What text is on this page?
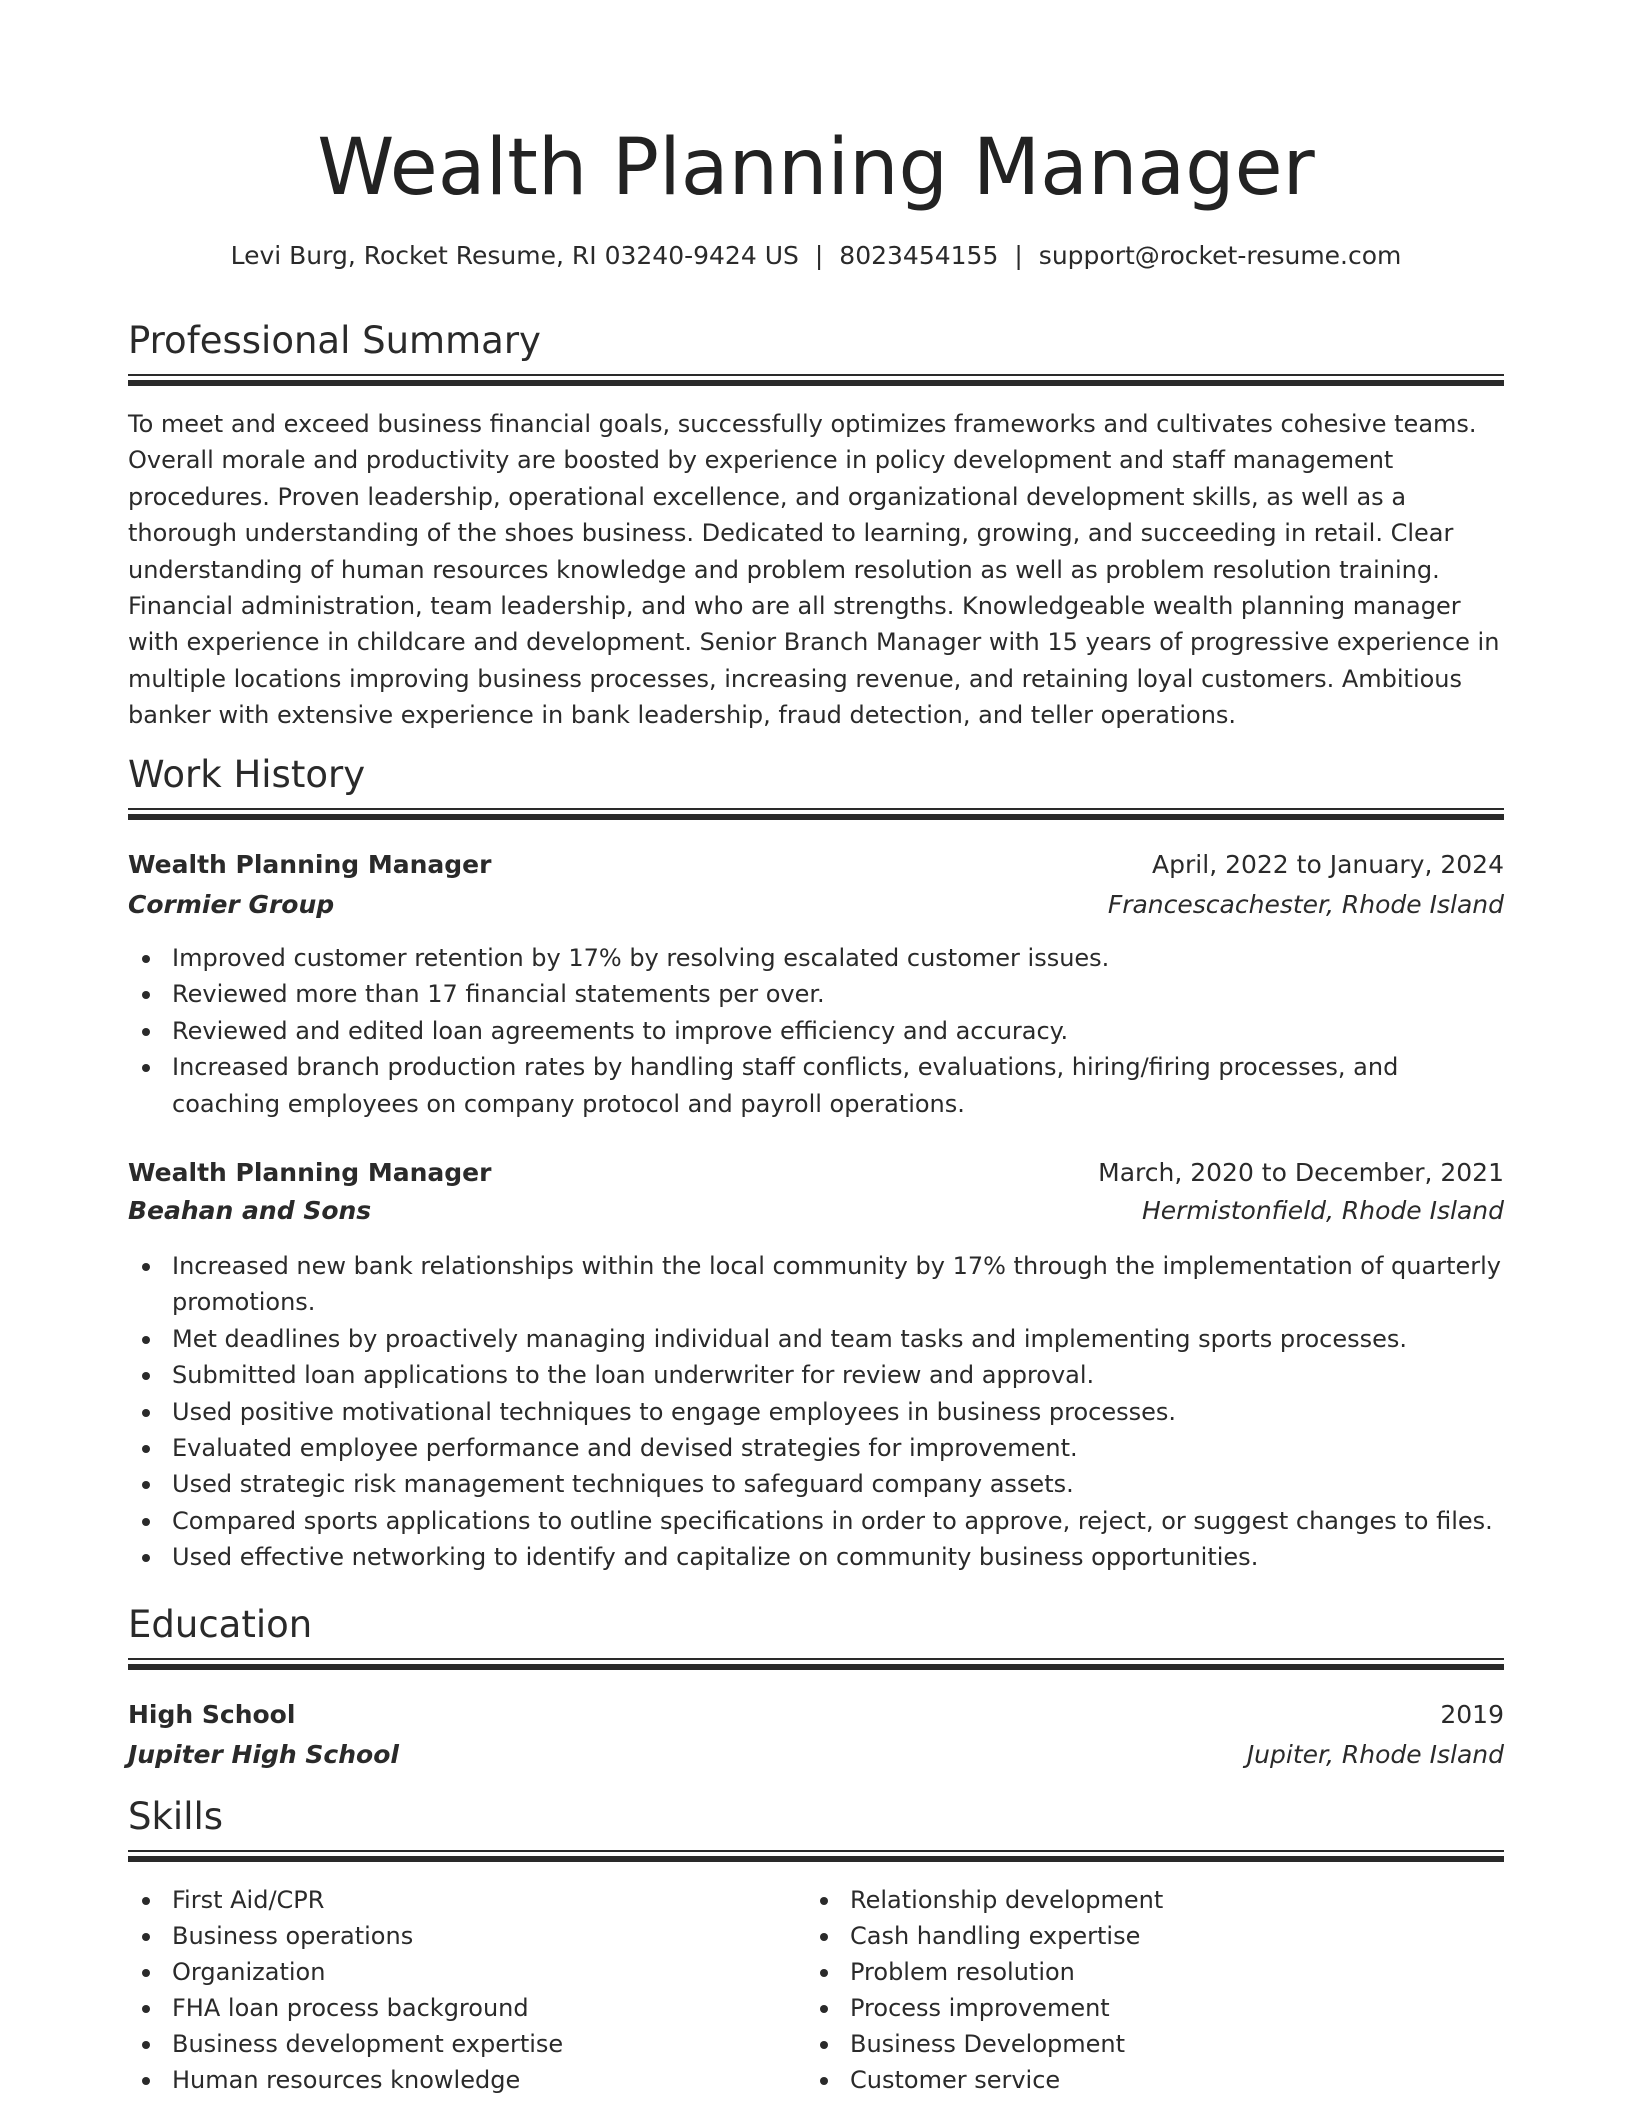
Wealth Planning Manager
Levi Burg, Rocket Resume, RI 03240-9424 US | 8023454155 | support@rocket-resume.com
Professional Summary

To meet and exceed business financial goals, successfully optimizes frameworks and cultivates cohesive teams. Overall morale and productivity are boosted by experience in policy development and staff management procedures. Proven leadership, operational excellence, and organizational development skills, as well as a thorough understanding of the shoes business. Dedicated to learning, growing, and succeeding in retail. Clear understanding of human resources knowledge and problem resolution as well as problem resolution training. Financial administration, team leadership, and who are all strengths. Knowledgeable wealth planning manager with experience in childcare and development. Senior Branch Manager with 15 years of progressive experience in multiple locations improving business processes, increasing revenue, and retaining loyal customers. Ambitious banker with extensive experience in bank leadership, fraud detection, and teller operations.

Work History
Wealth Planning Manager	April, 2022 to January, 2024
Cormier Group	Francescachester, Rhode Island
Improved customer retention by 17% by resolving escalated customer issues.
Reviewed more than 17 financial statements per over.
Reviewed and edited loan agreements to improve efficiency and accuracy.
Increased branch production rates by handling staff conflicts, evaluations, hiring/firing processes, and coaching employees on company protocol and payroll operations.
Wealth Planning Manager	March, 2020 to December, 2021
Beahan and Sons	Hermistonfield, Rhode Island
Increased new bank relationships within the local community by 17% through the implementation of quarterly promotions.
Met deadlines by proactively managing individual and team tasks and implementing sports processes.
Submitted loan applications to the loan underwriter for review and approval.
Used positive motivational techniques to engage employees in business processes.
Evaluated employee performance and devised strategies for improvement.
Used strategic risk management techniques to safeguard company assets.
Compared sports applications to outline specifications in order to approve, reject, or suggest changes to files.
Used effective networking to identify and capitalize on community business opportunities.
Education
High School	2019
Jupiter High School	Jupiter, Rhode Island
Skills
First Aid/CPR
Business operations
Organization
FHA loan process background
Business development expertise
Human resources knowledge
Relationship development
Cash handling expertise
Problem resolution
Process improvement
Business Development
Customer service
